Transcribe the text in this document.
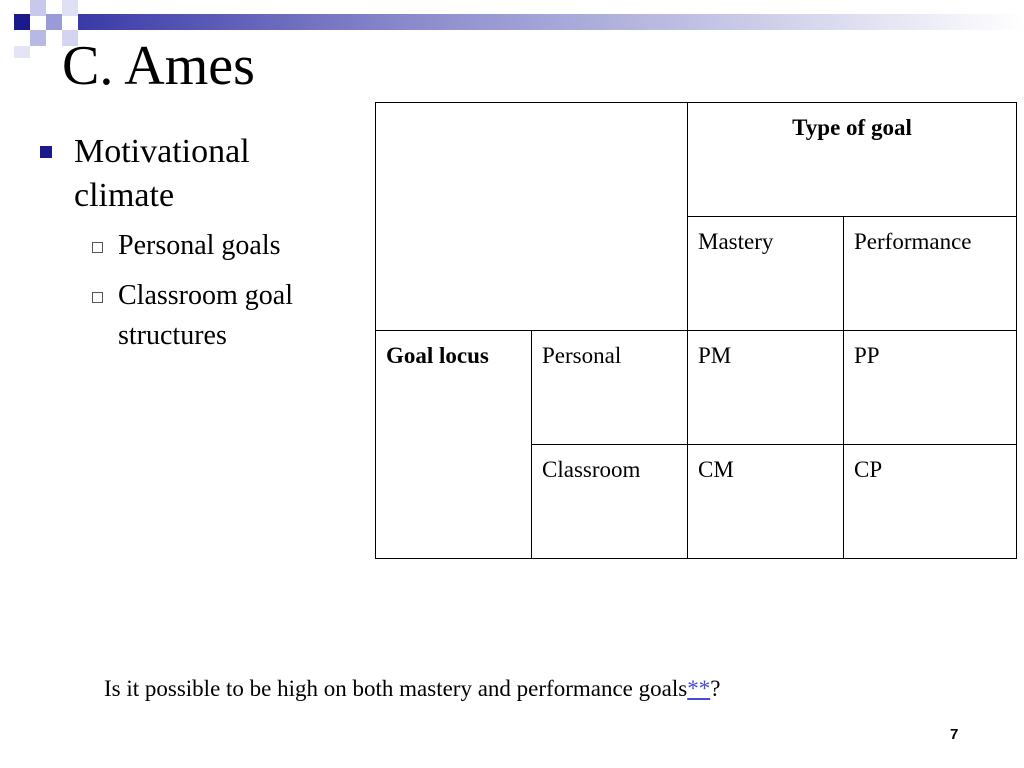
C. Ames
Motivational climate
Personal goals
Classroom goal structures
		Type of goal	
		Mastery	Performance
Goal locus	Personal	PM	PP
	Classroom	CM	CP
Is it possible to be high on both mastery and performance goals**?
7
